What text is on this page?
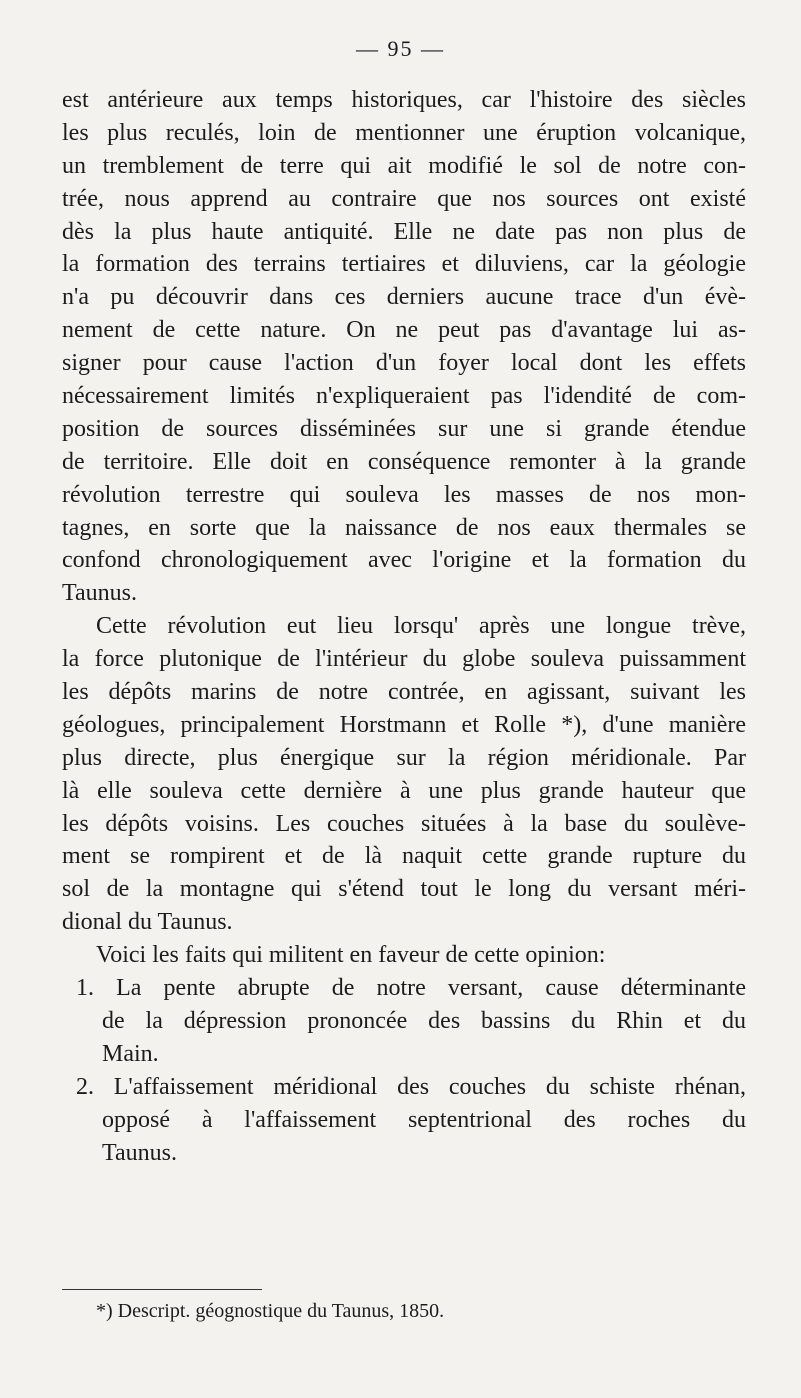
— 95 —
est antérieure aux temps historiques, car l'histoire des siècles
les plus reculés, loin de mentionner une éruption volcanique,
un tremblement de terre qui ait modifié le sol de notre con-
trée, nous apprend au contraire que nos sources ont existé
dès la plus haute antiquité. Elle ne date pas non plus de
la formation des terrains tertiaires et diluviens, car la géologie
n'a pu découvrir dans ces derniers aucune trace d'un évè-
nement de cette nature. On ne peut pas d'avantage lui as-
signer pour cause l'action d'un foyer local dont les effets
nécessairement limités n'expliqueraient pas l'idendité de com-
position de sources disséminées sur une si grande étendue
de territoire. Elle doit en conséquence remonter à la grande
révolution terrestre qui souleva les masses de nos mon-
tagnes, en sorte que la naissance de nos eaux thermales se
confond chronologiquement avec l'origine et la formation du
Taunus.
Cette révolution eut lieu lorsqu' après une longue trève,
la force plutonique de l'intérieur du globe souleva puissamment
les dépôts marins de notre contrée, en agissant, suivant les
géologues, principalement Horstmann et Rolle *), d'une manière
plus directe, plus énergique sur la région méridionale. Par
là elle souleva cette dernière à une plus grande hauteur que
les dépôts voisins. Les couches situées à la base du soulève-
ment se rompirent et de là naquit cette grande rupture du
sol de la montagne qui s'étend tout le long du versant méri-
dional du Taunus.
Voici les faits qui militent en faveur de cette opinion:
1. La pente abrupte de notre versant, cause déterminante
de la dépression prononcée des bassins du Rhin et du
Main.
2. L'affaissement méridional des couches du schiste rhénan,
opposé à l'affaissement septentrional des roches du
Taunus.
*) Descript. géognostique du Taunus, 1850.
